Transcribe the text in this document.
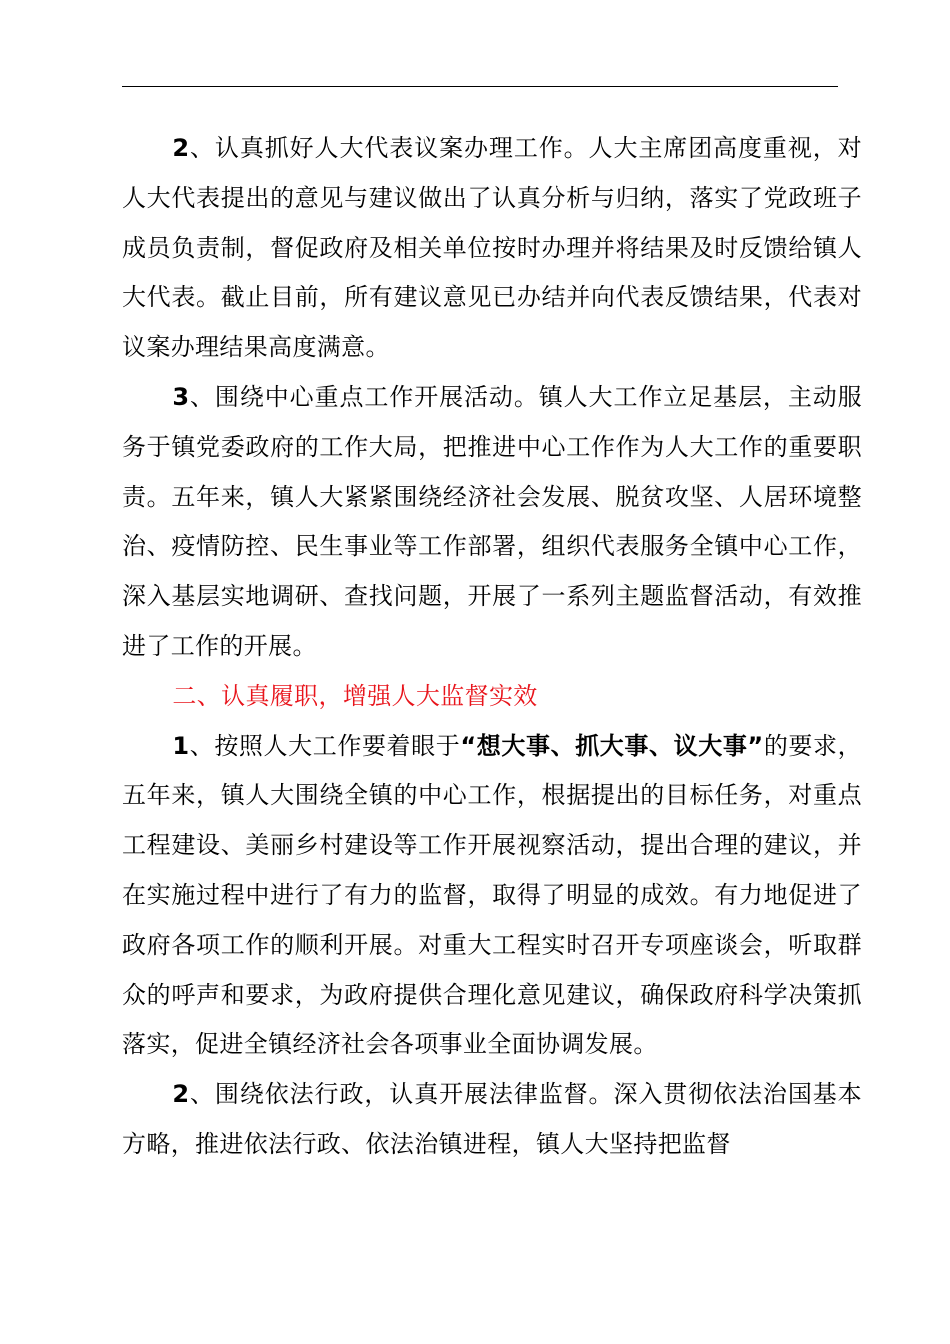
2、认真抓好人大代表议案办理工作。人大主席团高度重视，对人大代表提出的意见与建议做出了认真分析与归纳，落实了党政班子成员负责制，督促政府及相关单位按时办理并将结果及时反馈给镇人大代表。截止目前，所有建议意见已办结并向代表反馈结果，代表对议案办理结果高度满意。

3、围绕中心重点工作开展活动。镇人大工作立足基层，主动服务于镇党委政府的工作大局，把推进中心工作作为人大工作的重要职责。五年来，镇人大紧紧围绕经济社会发展、脱贫攻坚、人居环境整治、疫情防控、民生事业等工作部署，组织代表服务全镇中心工作，深入基层实地调研、查找问题，开展了一系列主题监督活动，有效推进了工作的开展。

二、认真履职，增强人大监督实效

1、按照人大工作要着眼于“想大事、抓大事、议大事”的要求，五年来，镇人大围绕全镇的中心工作，根据提出的目标任务，对重点工程建设、美丽乡村建设等工作开展视察活动，提出合理的建议，并在实施过程中进行了有力的监督，取得了明显的成效。有力地促进了政府各项工作的顺利开展。对重大工程实时召开专项座谈会，听取群众的呼声和要求，为政府提供合理化意见建议，确保政府科学决策抓落实，促进全镇经济社会各项事业全面协调发展。

2、围绕依法行政，认真开展法律监督。深入贯彻依法治国基本方略，推进依法行政、依法治镇进程，镇人大坚持把监督
